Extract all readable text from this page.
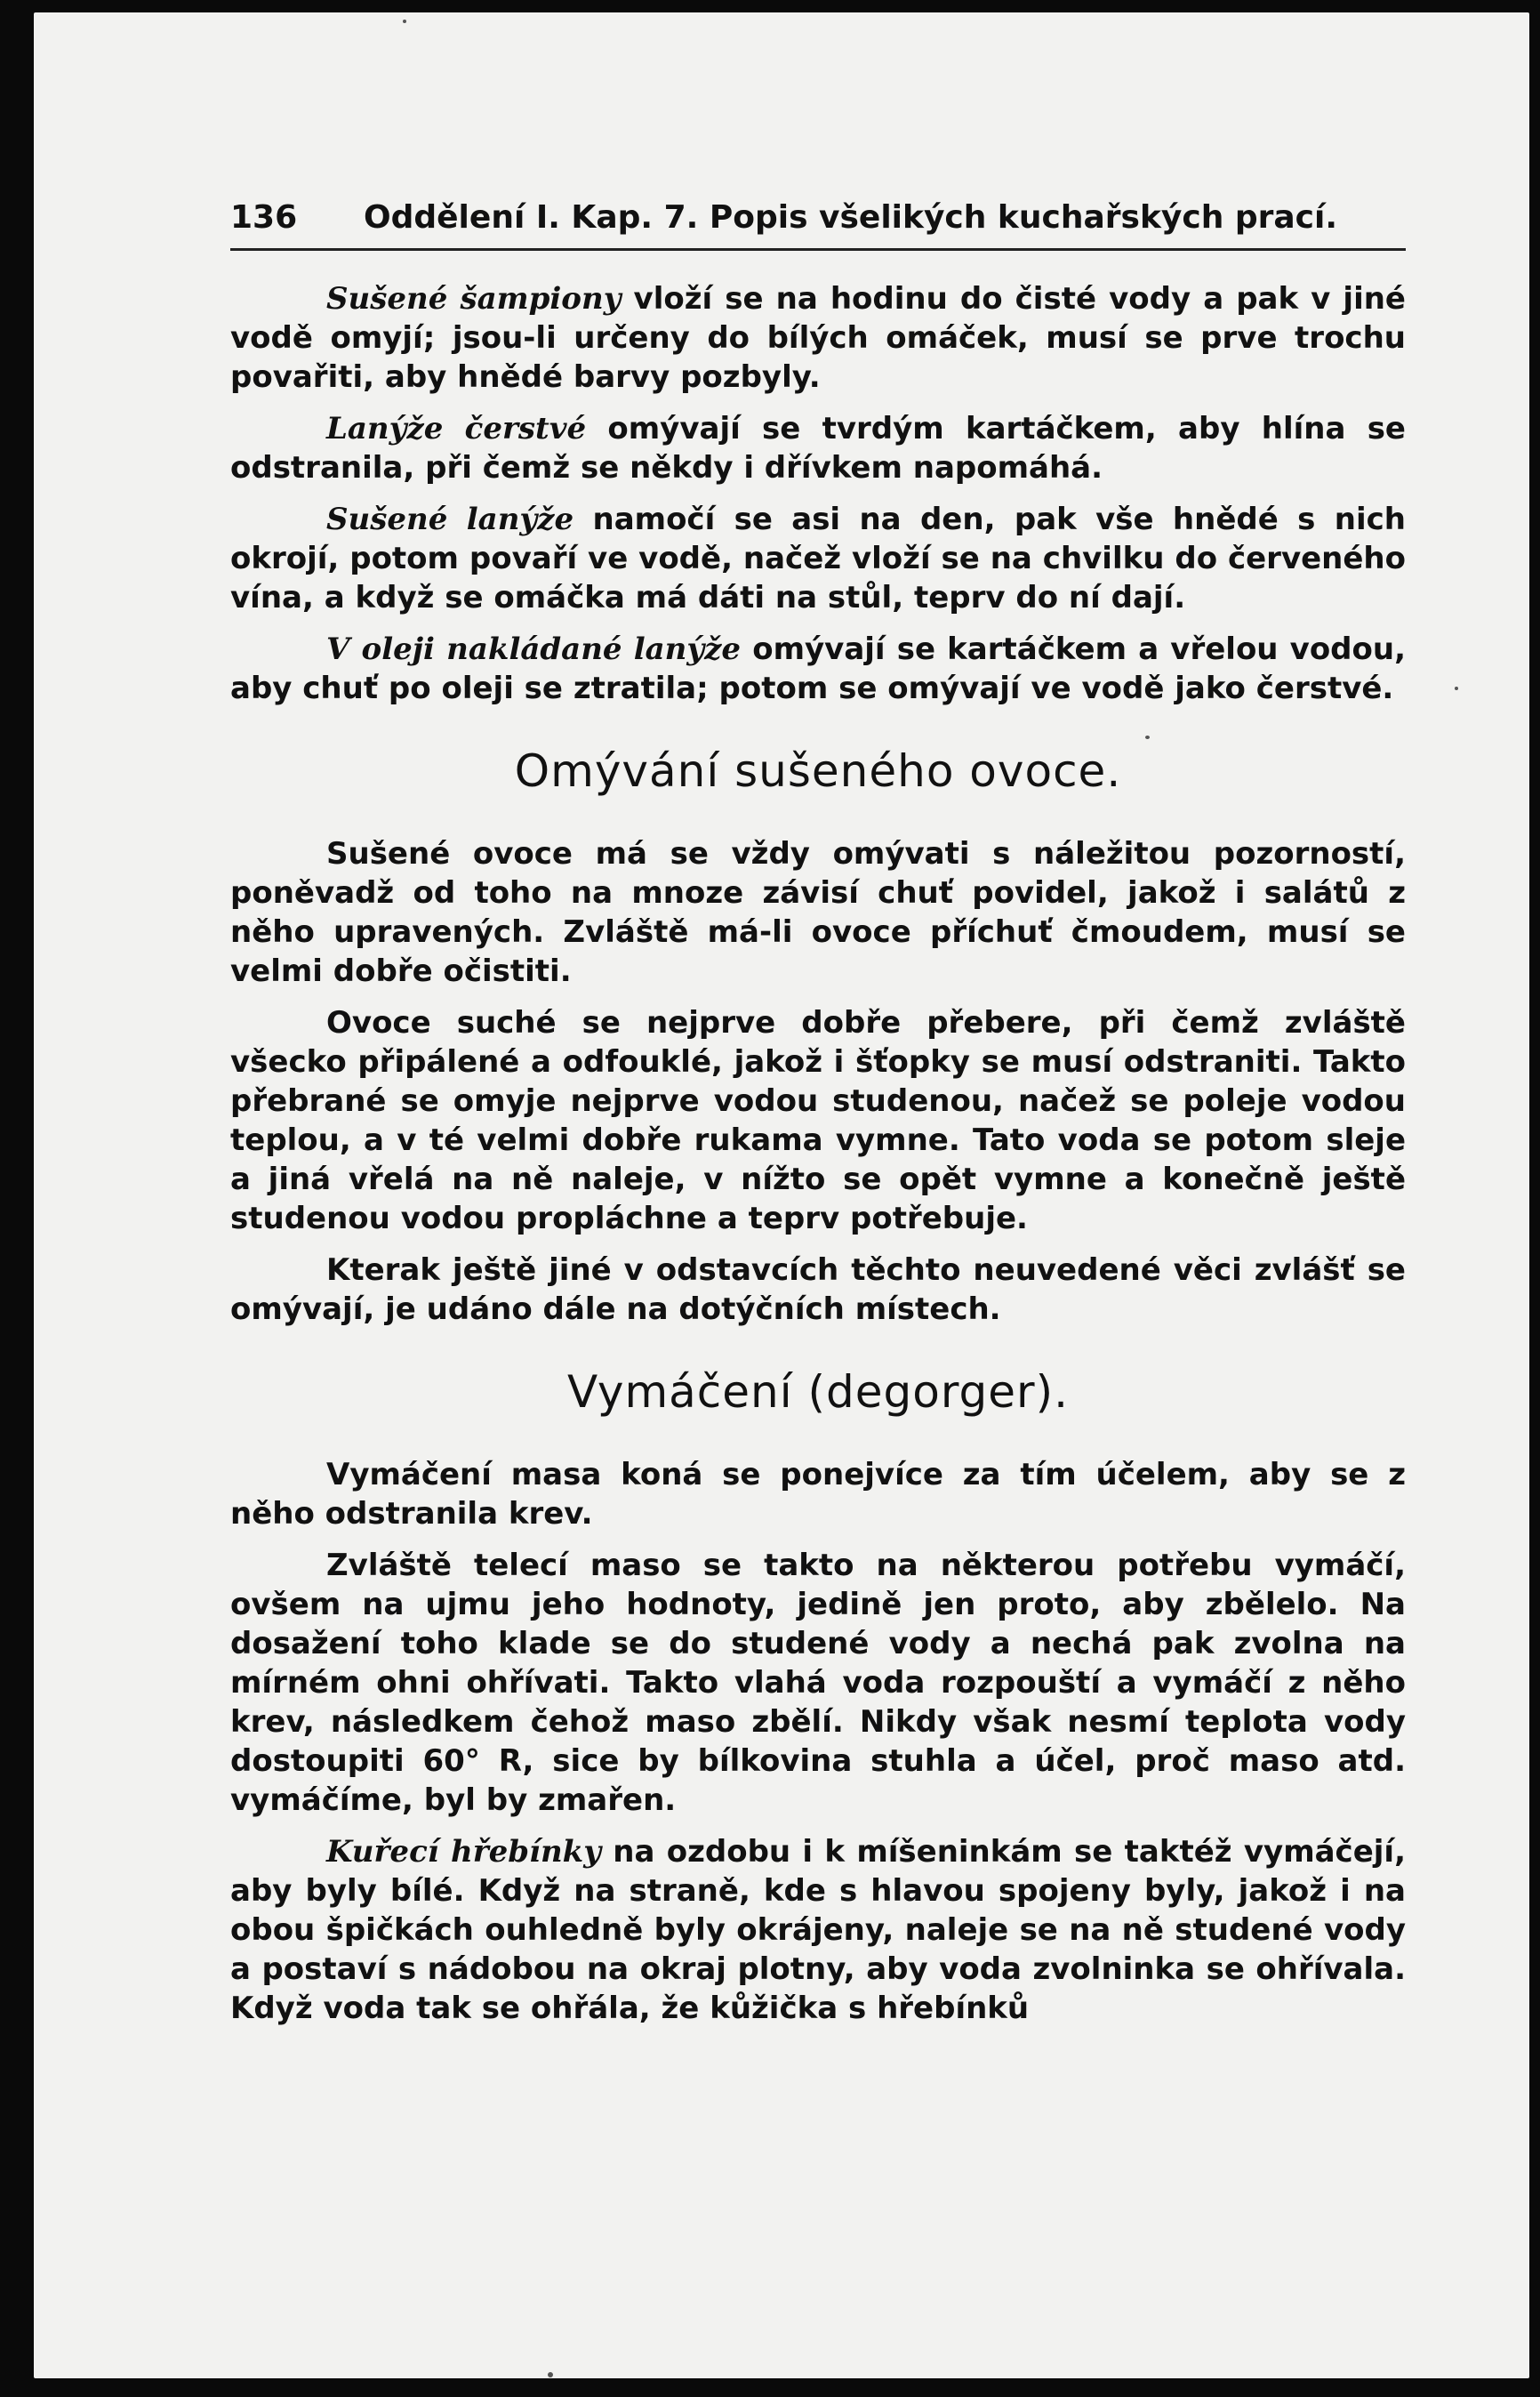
136	Oddělení I. Kap. 7. Popis všelikých kuchařských prací.

Sušené šampiony vloží se na hodinu do čisté vody a pak v jiné vodě omyjí; jsou-li určeny do bílých omáček, musí se prve trochu povařiti, aby hnědé barvy pozbyly.

Lanýže čerstvé omývají se tvrdým kartáčkem, aby hlína se odstranila, při čemž se někdy i dřívkem napomáhá.

Sušené lanýže namočí se asi na den, pak vše hnědé s nich okrojí, potom povaří ve vodě, načež vloží se na chvilku do červeného vína, a když se omáčka má dáti na stůl, teprv do ní dají.

V oleji nakládané lanýže omývají se kartáčkem a vřelou vodou, aby chuť po oleji se ztratila; potom se omývají ve vodě jako čerstvé.

Omývání sušeného ovoce.

Sušené ovoce má se vždy omývati s náležitou pozorností, poněvadž od toho na mnoze závisí chuť povidel, jakož i salátů z něho upravených. Zvláště má-li ovoce příchuť čmoudem, musí se velmi dobře očistiti.

Ovoce suché se nejprve dobře přebere, při čemž zvláště všecko připálené a odfouklé, jakož i šťopky se musí odstraniti. Takto přebrané se omyje nejprve vodou studenou, načež se poleje vodou teplou, a v té velmi dobře rukama vymne. Tato voda se potom sleje a jiná vřelá na ně naleje, v nížto se opět vymne a konečně ještě studenou vodou propláchne a teprv potřebuje.

Kterak ještě jiné v odstavcích těchto neuvedené věci zvlášť se omývají, je udáno dále na dotýčních místech.

Vymáčení (degorger).

Vymáčení masa koná se ponejvíce za tím účelem, aby se z něho odstranila krev.

Zvláště telecí maso se takto na některou potřebu vymáčí, ovšem na ujmu jeho hodnoty, jedině jen proto, aby zbělelo. Na dosažení toho klade se do studené vody a nechá pak zvolna na mírném ohni ohřívati. Takto vlahá voda rozpouští a vymáčí z něho krev, následkem čehož maso zbělí. Nikdy však nesmí teplota vody dostoupiti 60° R, sice by bílkovina stuhla a účel, proč maso atd. vymáčíme, byl by zmařen.

Kuřecí hřebínky na ozdobu i k míšeninkám se taktéž vymáčejí, aby byly bílé. Když na straně, kde s hlavou spojeny byly, jakož i na obou špičkách ouhledně byly okrájeny, naleje se na ně studené vody a postaví s nádobou na okraj plotny, aby voda zvolninka se ohřívala. Když voda tak se ohřála, že kůžička s hřebínků
